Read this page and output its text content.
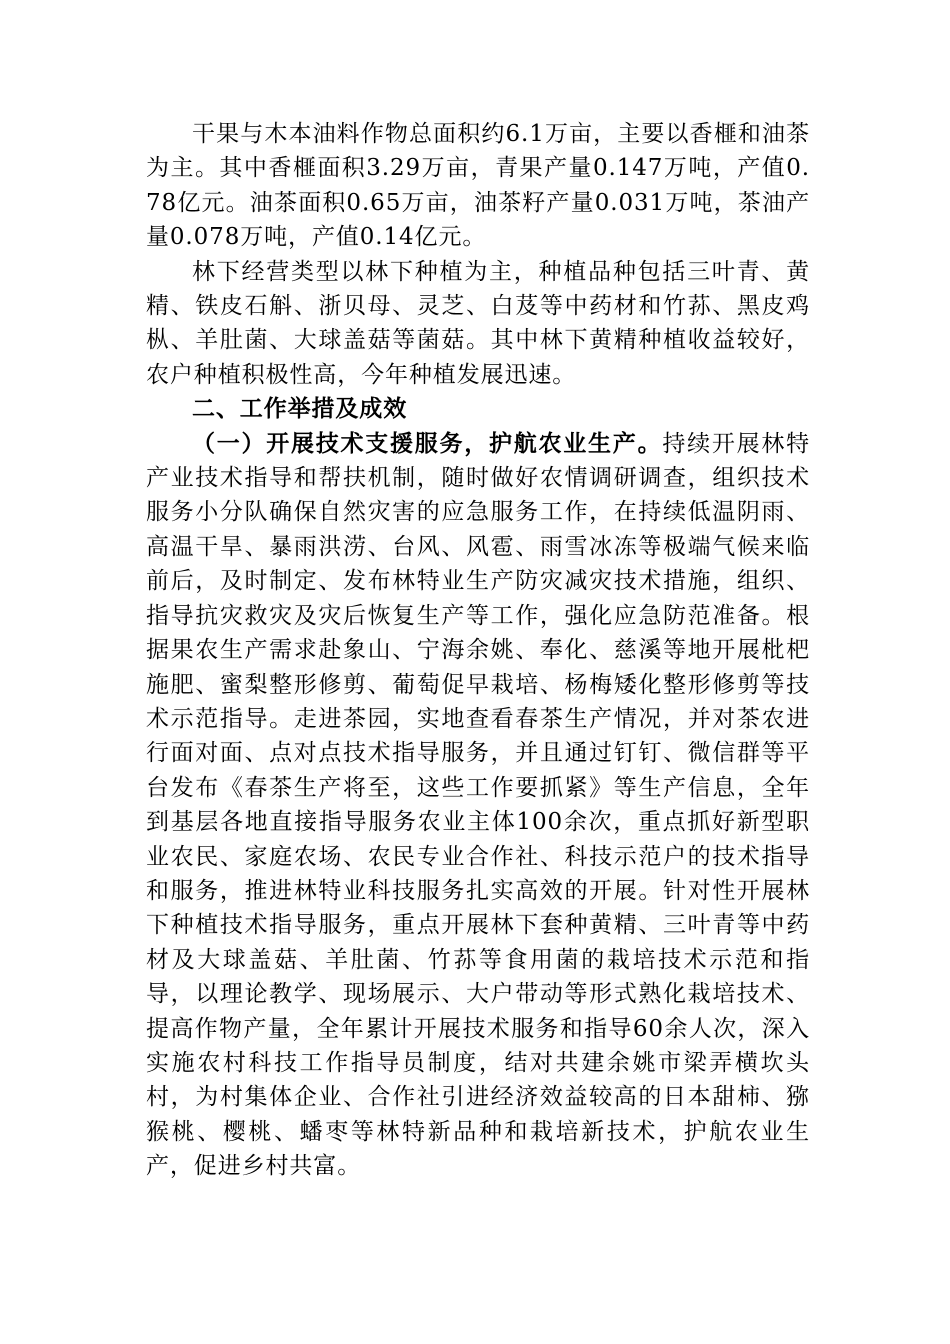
干果与木本油料作物总面积约6.1万亩，主要以香榧和油茶为主。其中香榧面积3.29万亩，青果产量0.147万吨，产值0.78亿元。油茶面积0.65万亩，油茶籽产量0.031万吨，茶油产量0.078万吨，产值0.14亿元。

林下经营类型以林下种植为主，种植品种包括三叶青、黄精、铁皮石斛、浙贝母、灵芝、白芨等中药材和竹荪、黑皮鸡枞、羊肚菌、大球盖菇等菌菇。其中林下黄精种植收益较好，农户种植积极性高，今年种植发展迅速。

二、工作举措及成效

（一）开展技术支援服务，护航农业生产。持续开展林特产业技术指导和帮扶机制，随时做好农情调研调查，组织技术服务小分队确保自然灾害的应急服务工作，在持续低温阴雨、高温干旱、暴雨洪涝、台风、风雹、雨雪冰冻等极端气候来临前后，及时制定、发布林特业生产防灾减灾技术措施，组织、指导抗灾救灾及灾后恢复生产等工作，强化应急防范准备。根据果农生产需求赴象山、宁海余姚、奉化、慈溪等地开展枇杷施肥、蜜梨整形修剪、葡萄促早栽培、杨梅矮化整形修剪等技术示范指导。走进茶园，实地查看春茶生产情况，并对茶农进行面对面、点对点技术指导服务，并且通过钉钉、微信群等平台发布《春茶生产将至，这些工作要抓紧》等生产信息，全年到基层各地直接指导服务农业主体100余次，重点抓好新型职业农民、家庭农场、农民专业合作社、科技示范户的技术指导和服务，推进林特业科技服务扎实高效的开展。针对性开展林下种植技术指导服务，重点开展林下套种黄精、三叶青等中药材及大球盖菇、羊肚菌、竹荪等食用菌的栽培技术示范和指导，以理论教学、现场展示、大户带动等形式熟化栽培技术、提高作物产量，全年累计开展技术服务和指导60余人次，深入实施农村科技工作指导员制度，结对共建余姚市梁弄横坎头村，为村集体企业、合作社引进经济效益较高的日本甜柿、猕猴桃、樱桃、蟠枣等林特新品种和栽培新技术，护航农业生产，促进乡村共富。
